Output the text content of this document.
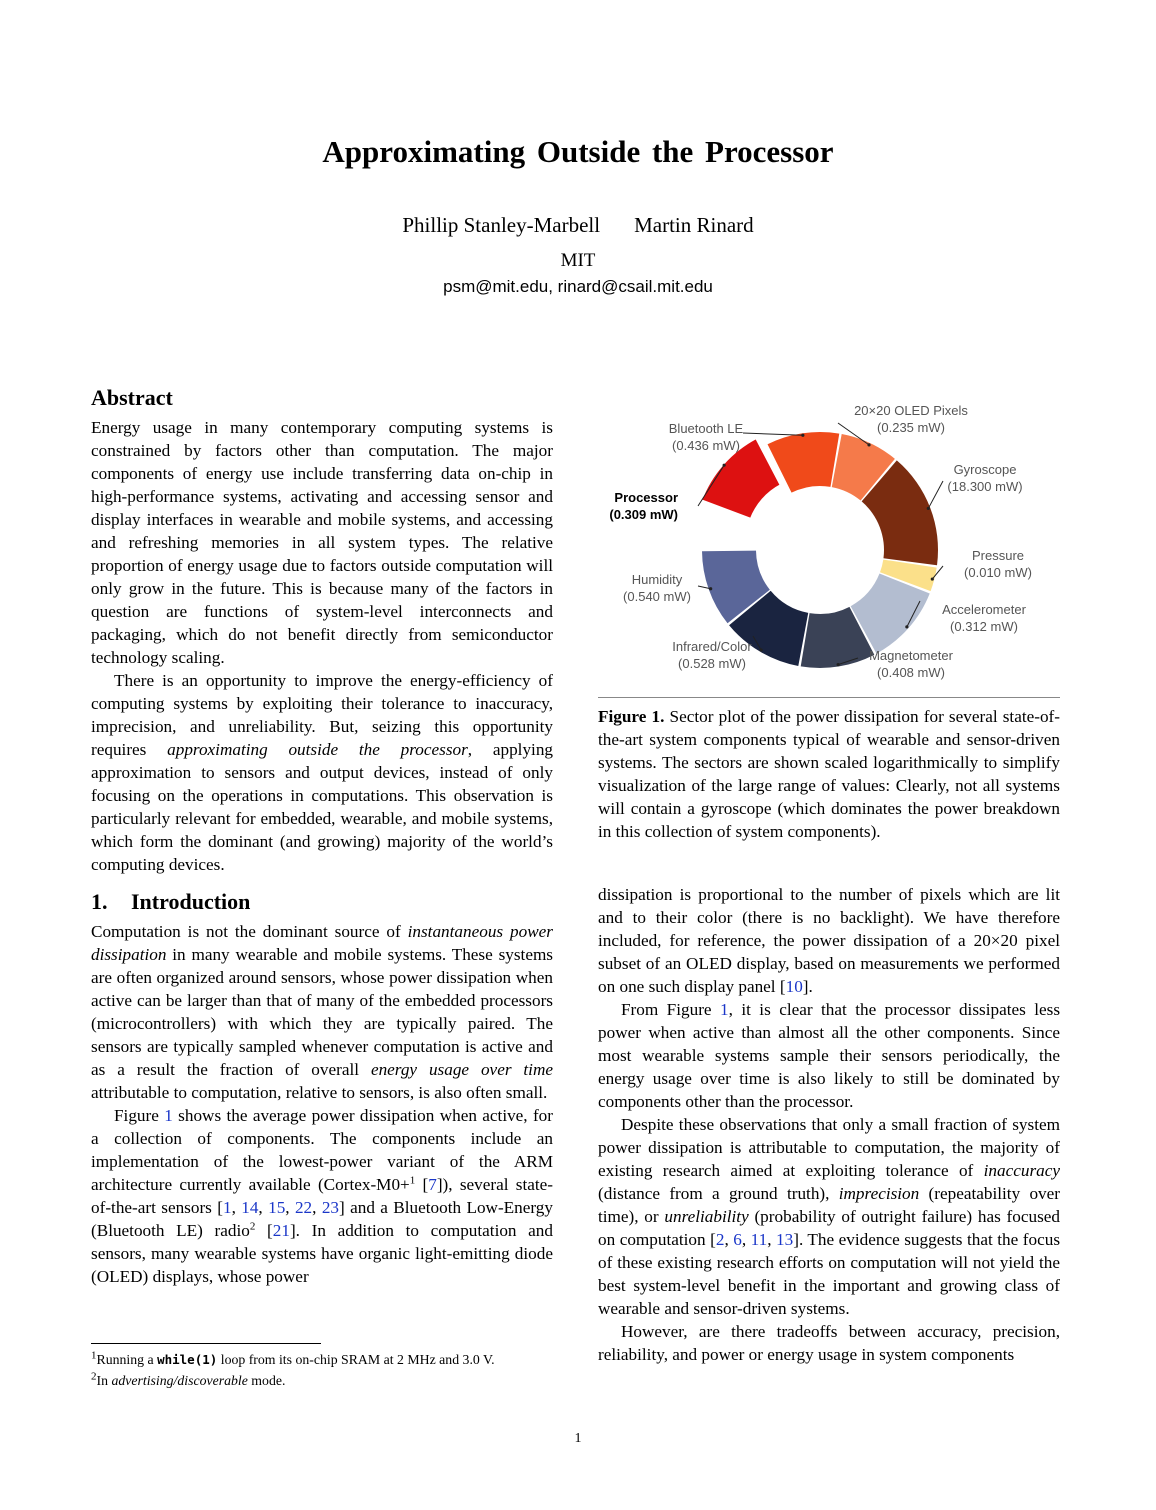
Approximating Outside the Processor
Phillip Stanley-Marbell Martin Rinard
MIT
psm@mit.edu, rinard@csail.mit.edu
Abstract

Energy usage in many contemporary computing systems is constrained by factors other than computation. The major components of energy use include transferring data on-chip in high-performance systems, activating and accessing sensor and display interfaces in wearable and mobile systems, and accessing and refreshing memories in all system types. The relative proportion of energy usage due to factors outside computation will only grow in the future. This is because many of the factors in question are functions of system-level interconnects and packaging, which do not benefit directly from semiconductor technology scaling.

There is an opportunity to improve the energy-efficiency of computing systems by exploiting their tolerance to inaccuracy, imprecision, and unreliability. But, seizing this opportunity requires approximating outside the processor, applying approximation to sensors and output devices, instead of only focusing on the operations in computations. This observation is particularly relevant for embedded, wearable, and mobile systems, which form the dominant (and growing) majority of the world’s computing devices.

1. Introduction

Computation is not the dominant source of instantaneous power dissipation in many wearable and mobile systems. These systems are often organized around sensors, whose power dissipation when active can be larger than that of many of the embedded processors (microcontrollers) with which they are typically paired. The sensors are typically sampled whenever computation is active and as a result the fraction of overall energy usage over time attributable to computation, relative to sensors, is also often small.

Figure 1 shows the average power dissipation when active, for a collection of components. The components include an implementation of the lowest-power variant of the ARM architecture currently available (Cortex-M0+$^1$ [7]), several state-of-the-art sensors [1, 14, 15, 22, 23] and a Bluetooth Low-Energy (Bluetooth LE) radio$^2$ [21]. In addition to computation and sensors, many wearable systems have organic light-emitting diode (OLED) displays, whose power

$^1$Running a while(1) loop from its on-chip SRAM at 2 MHz and 3.0 V.
$^2$In advertising/discoverable mode.
Processor
(0.309 mW)
Bluetooth LE
(0.436 mW)
20×20 OLED Pixels
(0.235 mW)
Gyroscope
(18.300 mW)
Pressure
(0.010 mW)
Accelerometer
(0.312 mW)
Magnetometer
(0.408 mW)
Infrared/Color
(0.528 mW)
Humidity
(0.540 mW)

Figure 1. Sector plot of the power dissipation for several state-of-the-art system components typical of wearable and sensor-driven systems. The sectors are shown scaled logarithmically to simplify visualization of the large range of values: Clearly, not all systems will contain a gyroscope (which dominates the power breakdown in this collection of system components).

dissipation is proportional to the number of pixels which are lit and to their color (there is no backlight). We have therefore included, for reference, the power dissipation of a 20×20 pixel subset of an OLED display, based on measurements we performed on one such display panel [10].

From Figure 1, it is clear that the processor dissipates less power when active than almost all the other components. Since most wearable systems sample their sensors periodically, the energy usage over time is also likely to still be dominated by components other than the processor.

Despite these observations that only a small fraction of system power dissipation is attributable to computation, the majority of existing research aimed at exploiting tolerance of inaccuracy (distance from a ground truth), imprecision (repeatability over time), or unreliability (probability of outright failure) has focused on computation [2, 6, 11, 13]. The evidence suggests that the focus of these existing research efforts on computation will not yield the best system-level benefit in the important and growing class of wearable and sensor-driven systems.

However, are there tradeoffs between accuracy, precision, reliability, and power or energy usage in system components

1
